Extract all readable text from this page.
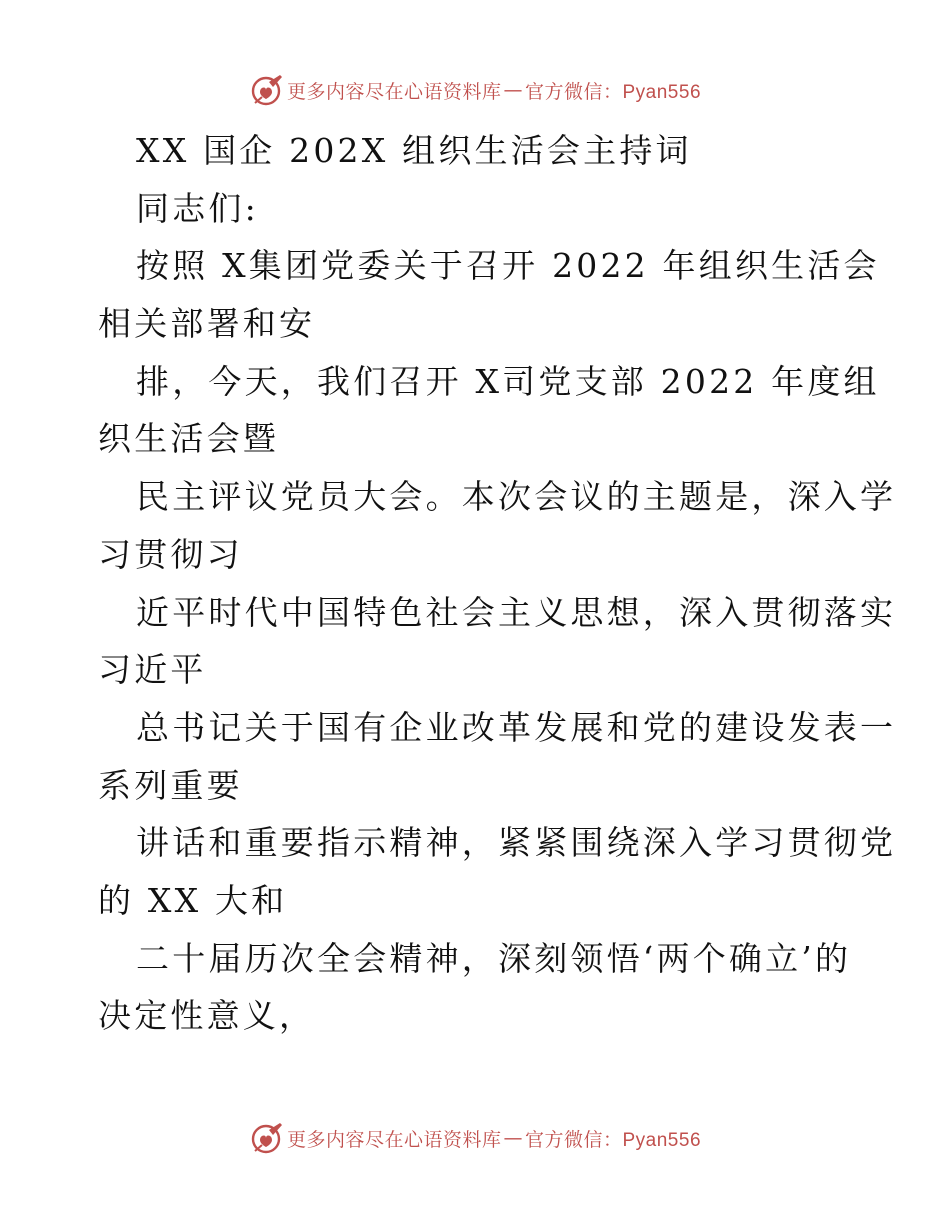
更多内容尽在心语资料库 — 官方微信：Pyan556
XX 国企 202X 组织生活会主持词
同志们:
按照 X集团党委关于召开 2022 年组织生活会
相关部署和安
排，今天，我们召开 X司党支部 2022 年度组
织生活会暨
民主评议党员大会。本次会议的主题是，深入学
习贯彻习
近平时代中国特色社会主义思想，深入贯彻落实
习近平
总书记关于国有企业改革发展和党的建设发表一
系列重要
讲话和重要指示精神，紧紧围绕深入学习贯彻党
的 XX 大和
二十届历次全会精神，深刻领悟‘两个确立’的
决定性意义，
更多内容尽在心语资料库 — 官方微信：Pyan556
